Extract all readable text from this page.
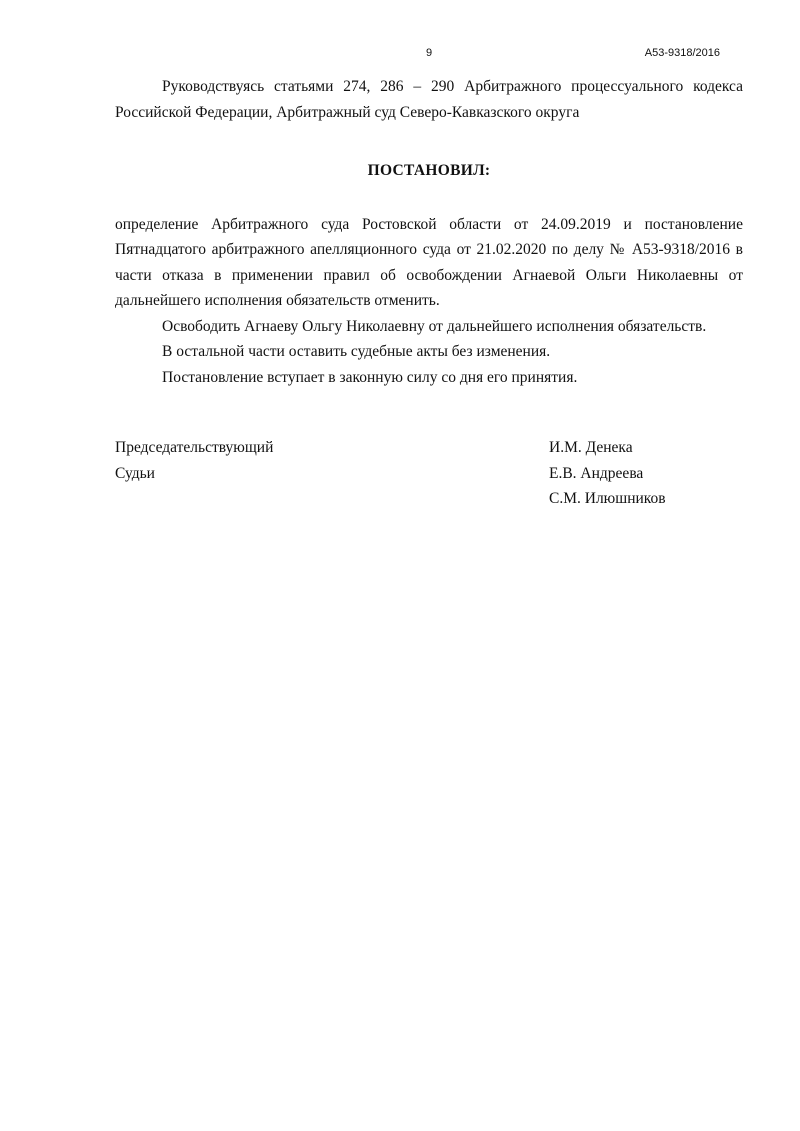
9	А53-9318/2016

Руководствуясь статьями 274, 286 – 290 Арбитражного процессуального кодекса Российской Федерации, Арбитражный суд Северо-Кавказского округа

ПОСТАНОВИЛ:

определение Арбитражного суда Ростовской области от 24.09.2019 и постановление Пятнадцатого арбитражного апелляционного суда от 21.02.2020 по делу № А53-9318/2016 в части отказа в применении правил об освобождении Агнаевой Ольги Николаевны от дальнейшего исполнения обязательств отменить.

Освободить Агнаеву Ольгу Николаевну от дальнейшего исполнения обязательств.

В остальной части оставить судебные акты без изменения.

Постановление вступает в законную силу со дня его принятия.

Председательствующий	И.М. Денека
Судьи	Е.В. Андреева
С.М. Илюшников
